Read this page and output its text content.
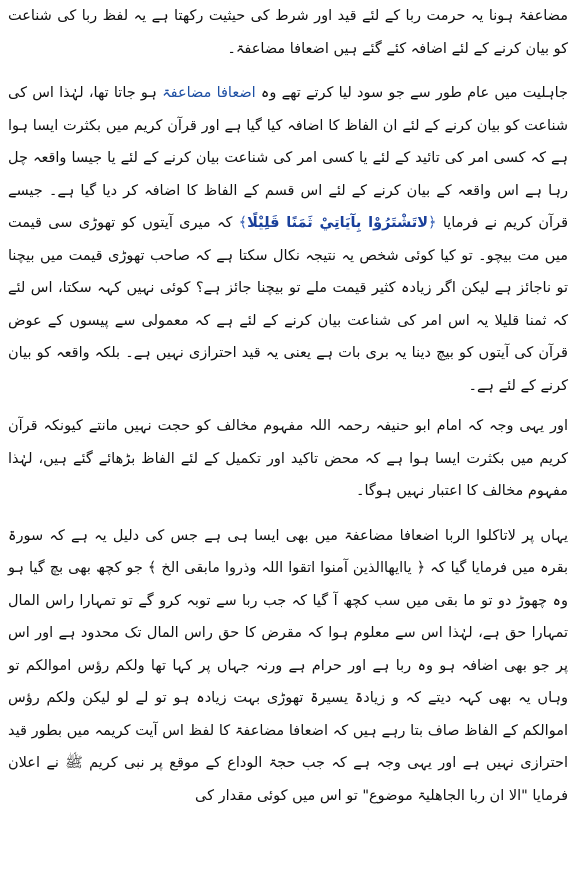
مضاعفۃ ہونا یہ حرمت ربا کے لئے قید اور شرط کی حیثیت رکھتا ہے یہ لفظ ربا کی شناعت کو بیان کرنے کے لئے اضافہ کئے گئے ہیں اضعافا مضاعفۃ۔

جاہلیت میں عام طور سے جو سود لیا کرتے تھے وہ اضعافا مضاعفۃ ہو جاتا تھا، لہٰذا اس کی شناعت کو بیان کرنے کے لئے ان الفاظ کا اضافہ کیا گیا ہے اور قرآن کریم میں بکثرت ایسا ہوا ہے کہ کسی امر کی تائید کے لئے یا کسی امر کی شناعت بیان کرنے کے لئے یا جیسا واقعہ چل رہا ہے اس واقعہ کے بیان کرنے کے لئے اس قسم کے الفاظ کا اضافہ کر دیا گیا ہے۔ جیسے قرآن کریم نے فرمایا ﴿لاتَشْتَرُوْا بِآيَاتِيْ ثَمَنًا قَلِيْلًا﴾ کہ میری آیتوں کو تھوڑی سی قیمت میں مت بیچو۔ تو کیا کوئی شخص یہ نتیجہ نکال سکتا ہے کہ صاحب تھوڑی قیمت میں بیچنا تو ناجائز ہے لیکن اگر زیادہ کثیر قیمت ملے تو بیچنا جائز ہے؟ کوئی نہیں کہہ سکتا، اس لئے کہ ثمنا قلیلا یہ اس امر کی شناعت بیان کرنے کے لئے ہے کہ معمولی سے پیسوں کے عوض قرآن کی آیتوں کو بیچ دینا یہ بری بات ہے یعنی یہ قید احترازی نہیں ہے۔ بلکہ واقعہ کو بیان کرنے کے لئے ہے۔

اور یہی وجہ کہ امام ابو حنیفہ رحمہ اللہ مفہوم مخالف کو حجت نہیں مانتے کیونکہ قرآن کریم میں بکثرت ایسا ہوا ہے کہ محض تاکید اور تکمیل کے لئے الفاظ بڑھائے گئے ہیں، لہٰذا مفہوم مخالف کا اعتبار نہیں ہوگا۔

یہاں پر لاتاکلوا الربا اضعافا مضاعفۃ میں بھی ایسا ہی ہے جس کی دلیل یہ ہے کہ سورۃ بقرہ میں فرمایا گیا کہ ﴿ یاایھاالذین آمنوا اتقوا اللہ وذروا مابقی الخ ﴾ جو کچھ بھی بچ گیا ہو وہ چھوڑ دو تو ما بقی میں سب کچھ آ گیا کہ جب ربا سے توبہ کرو گے تو تمہارا راس المال تمہارا حق ہے، لہٰذا اس سے معلوم ہوا کہ مقرض کا حق راس المال تک محدود ہے اور اس پر جو بھی اضافہ ہو وہ ربا ہے اور حرام ہے ورنہ جہاں پر کہا تھا ولکم رؤس اموالکم تو وہاں یہ بھی کہہ دیتے کہ و زیادۃ یسیرۃ تھوڑی بہت زیادہ ہو تو لے لو لیکن ولکم رؤس اموالکم کے الفاظ صاف بتا رہے ہیں کہ اضعافا مضاعفۃ کا لفظ اس آیت کریمہ میں بطور قید احترازی نہیں ہے اور یہی وجہ ہے کہ جب حجۃ الوداع کے موقع پر نبی کریم ﷺ نے اعلان فرمایا "الا ان ربا الجاھلیۃ موضوع" تو اس میں کوئی مقدار کی
